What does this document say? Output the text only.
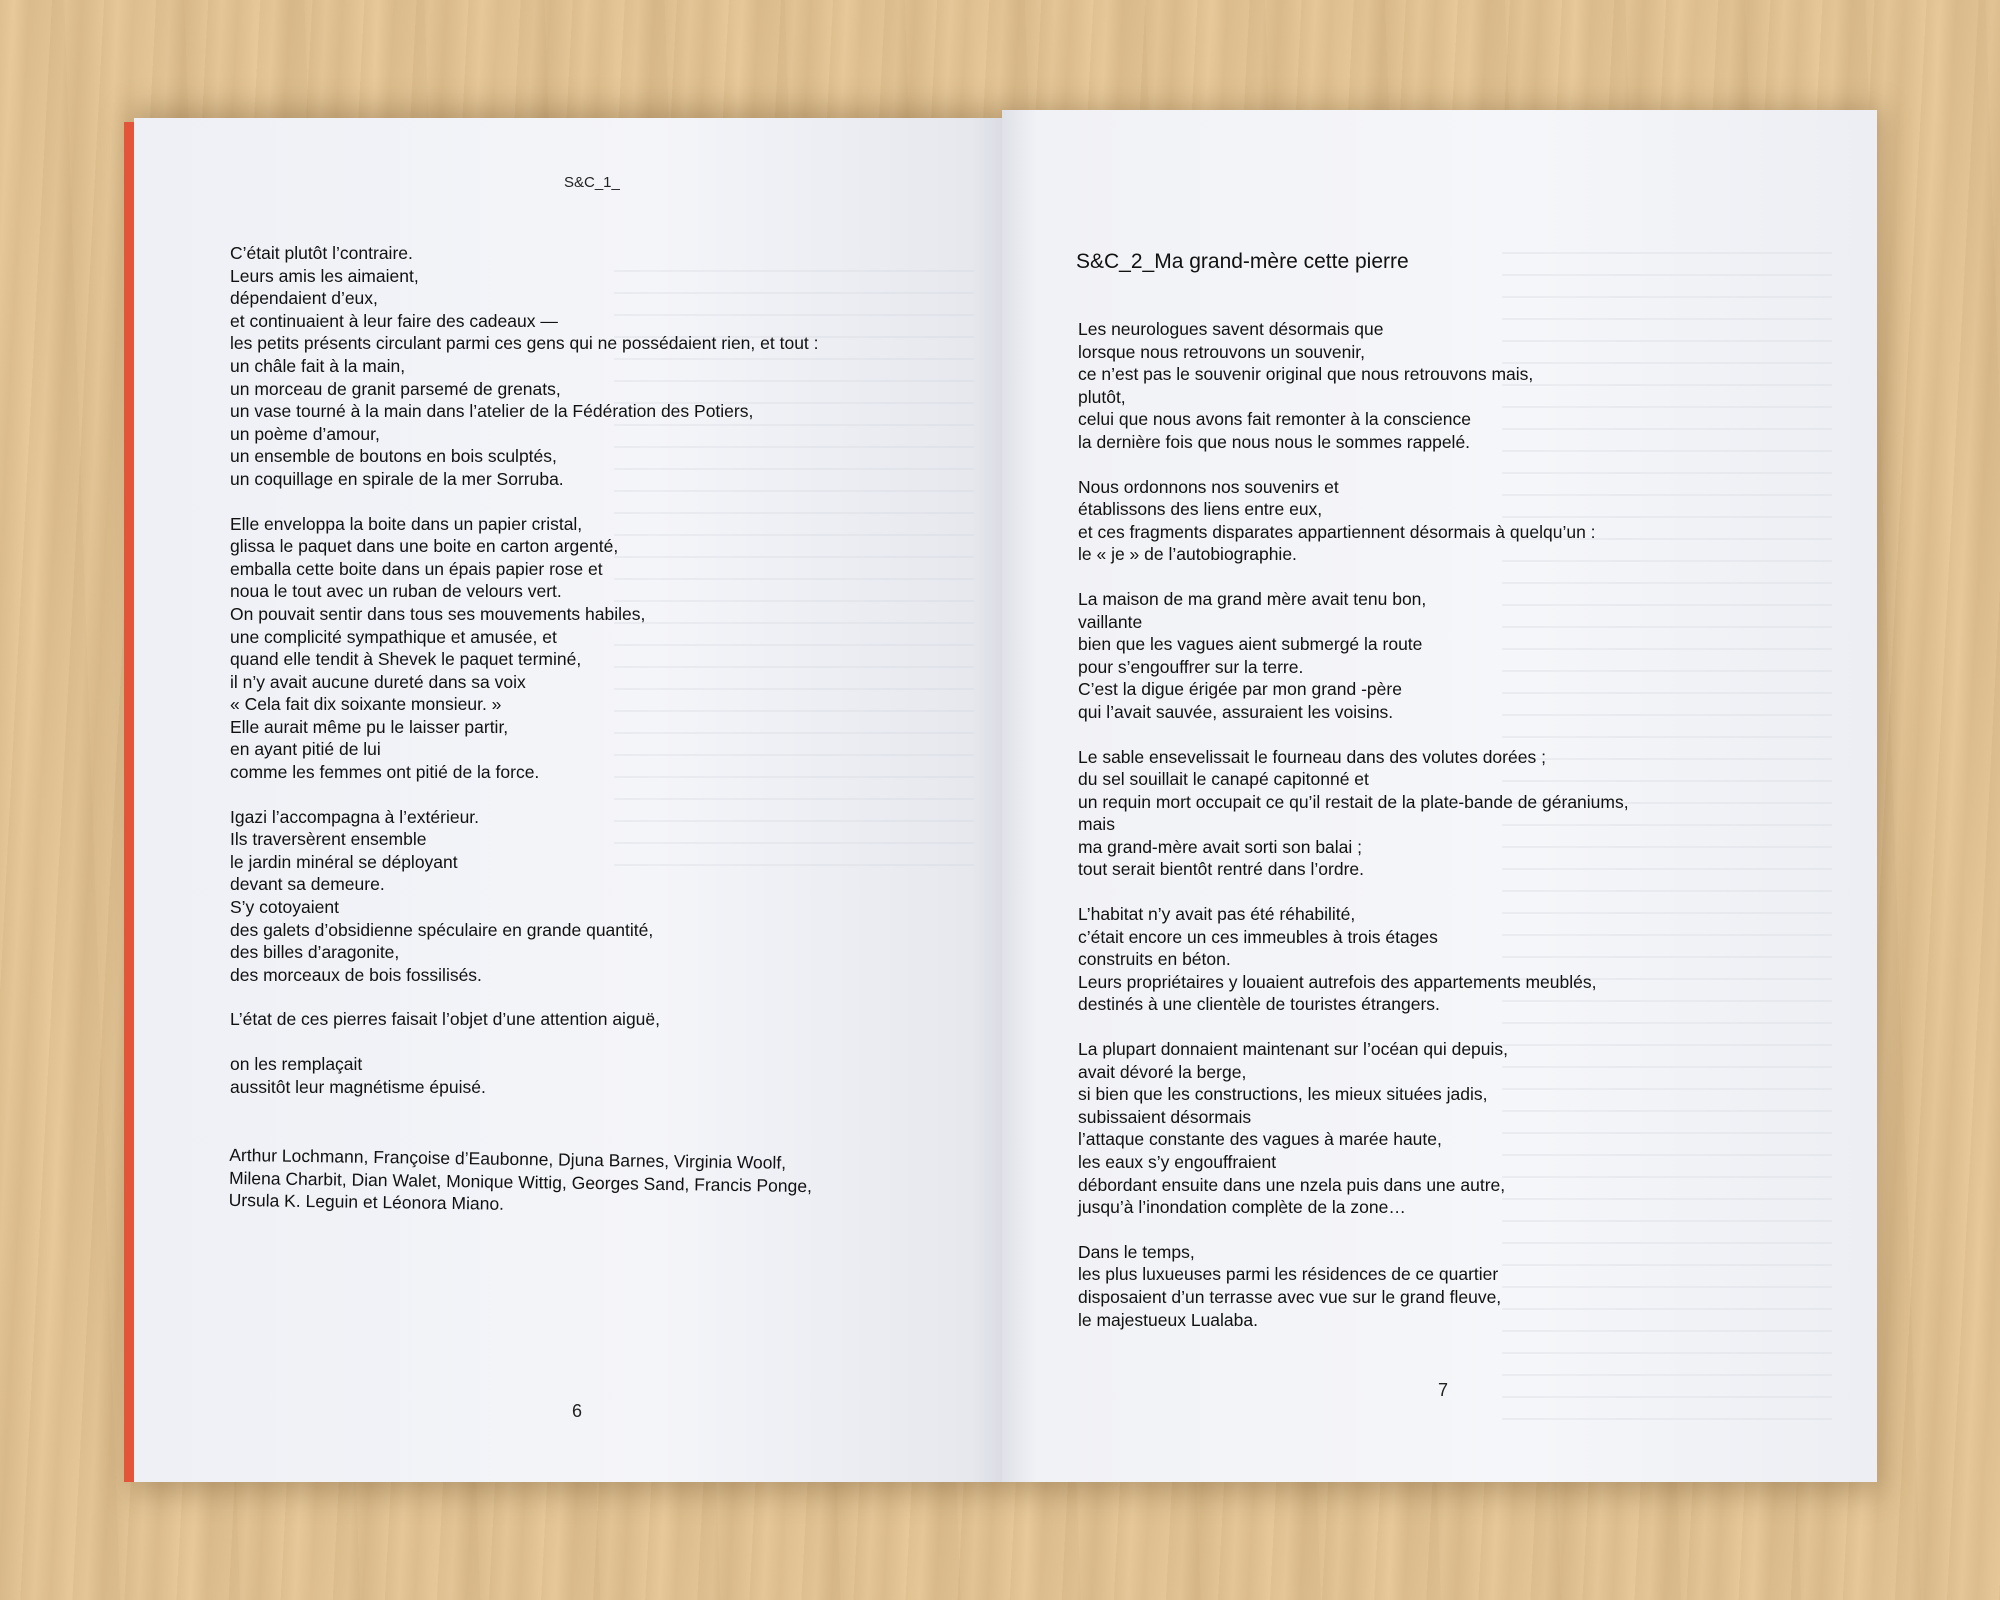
S&C_1_
C’était plutôt l’contraire.
Leurs amis les aimaient,
dépendaient d’eux,
et continuaient à leur faire des cadeaux —
les petits présents circulant parmi ces gens qui ne possédaient rien, et tout :
un châle fait à la main,
un morceau de granit parsemé de grenats,
un vase tourné à la main dans l’atelier de la Fédération des Potiers,
un poème d’amour,
un ensemble de boutons en bois sculptés,
un coquillage en spirale de la mer Sorruba.
Elle enveloppa la boite dans un papier cristal,
glissa le paquet dans une boite en carton argenté,
emballa cette boite dans un épais papier rose et
noua le tout avec un ruban de velours vert.
On pouvait sentir dans tous ses mouvements habiles,
une complicité sympathique et amusée, et
quand elle tendit à Shevek le paquet terminé,
il n’y avait aucune dureté dans sa voix
« Cela fait dix soixante monsieur. »
Elle aurait même pu le laisser partir,
en ayant pitié de lui
comme les femmes ont pitié de la force.
Igazi l’accompagna à l’extérieur.
Ils traversèrent ensemble
le jardin minéral se déployant
devant sa demeure.
S’y cotoyaient
des galets d’obsidienne spéculaire en grande quantité,
des billes d’aragonite,
des morceaux de bois fossilisés.
L’état de ces pierres faisait l’objet d’une attention aiguë,
on les remplaçait
aussitôt leur magnétisme épuisé.
Arthur Lochmann, Françoise d’Eaubonne, Djuna Barnes, Virginia Woolf,
Milena Charbit, Dian Walet, Monique Wittig, Georges Sand, Francis Ponge,
Ursula K. Leguin et Léonora Miano.
6

S&C_2_Ma grand-mère cette pierre
Les neurologues savent désormais que
lorsque nous retrouvons un souvenir,
ce n’est pas le souvenir original que nous retrouvons mais,
plutôt,
celui que nous avons fait remonter à la conscience
la dernière fois que nous nous le sommes rappelé.
Nous ordonnons nos souvenirs et
établissons des liens entre eux,
et ces fragments disparates appartiennent désormais à quelqu’un :
le « je » de l’autobiographie.
La maison de ma grand mère avait tenu bon,
vaillante
bien que les vagues aient submergé la route
pour s’engouffrer sur la terre.
C’est la digue érigée par mon grand -père
qui l’avait sauvée, assuraient les voisins.
Le sable ensevelissait le fourneau dans des volutes dorées ;
du sel souillait le canapé capitonné et
un requin mort occupait ce qu’il restait de la plate-bande de géraniums,
mais
ma grand-mère avait sorti son balai ;
tout serait bientôt rentré dans l’ordre.
L’habitat n’y avait pas été réhabilité,
c’était encore un ces immeubles à trois étages
construits en béton.
Leurs propriétaires y louaient autrefois des appartements meublés,
destinés à une clientèle de touristes étrangers.
La plupart donnaient maintenant sur l’océan qui depuis,
avait dévoré la berge,
si bien que les constructions, les mieux situées jadis,
subissaient désormais
l’attaque constante des vagues à marée haute,
les eaux s’y engouffraient
débordant ensuite dans une nzela puis dans une autre,
jusqu’à l’inondation complète de la zone…
Dans le temps,
les plus luxueuses parmi les résidences de ce quartier
disposaient d’un terrasse avec vue sur le grand fleuve,
le majestueux Lualaba.
7
